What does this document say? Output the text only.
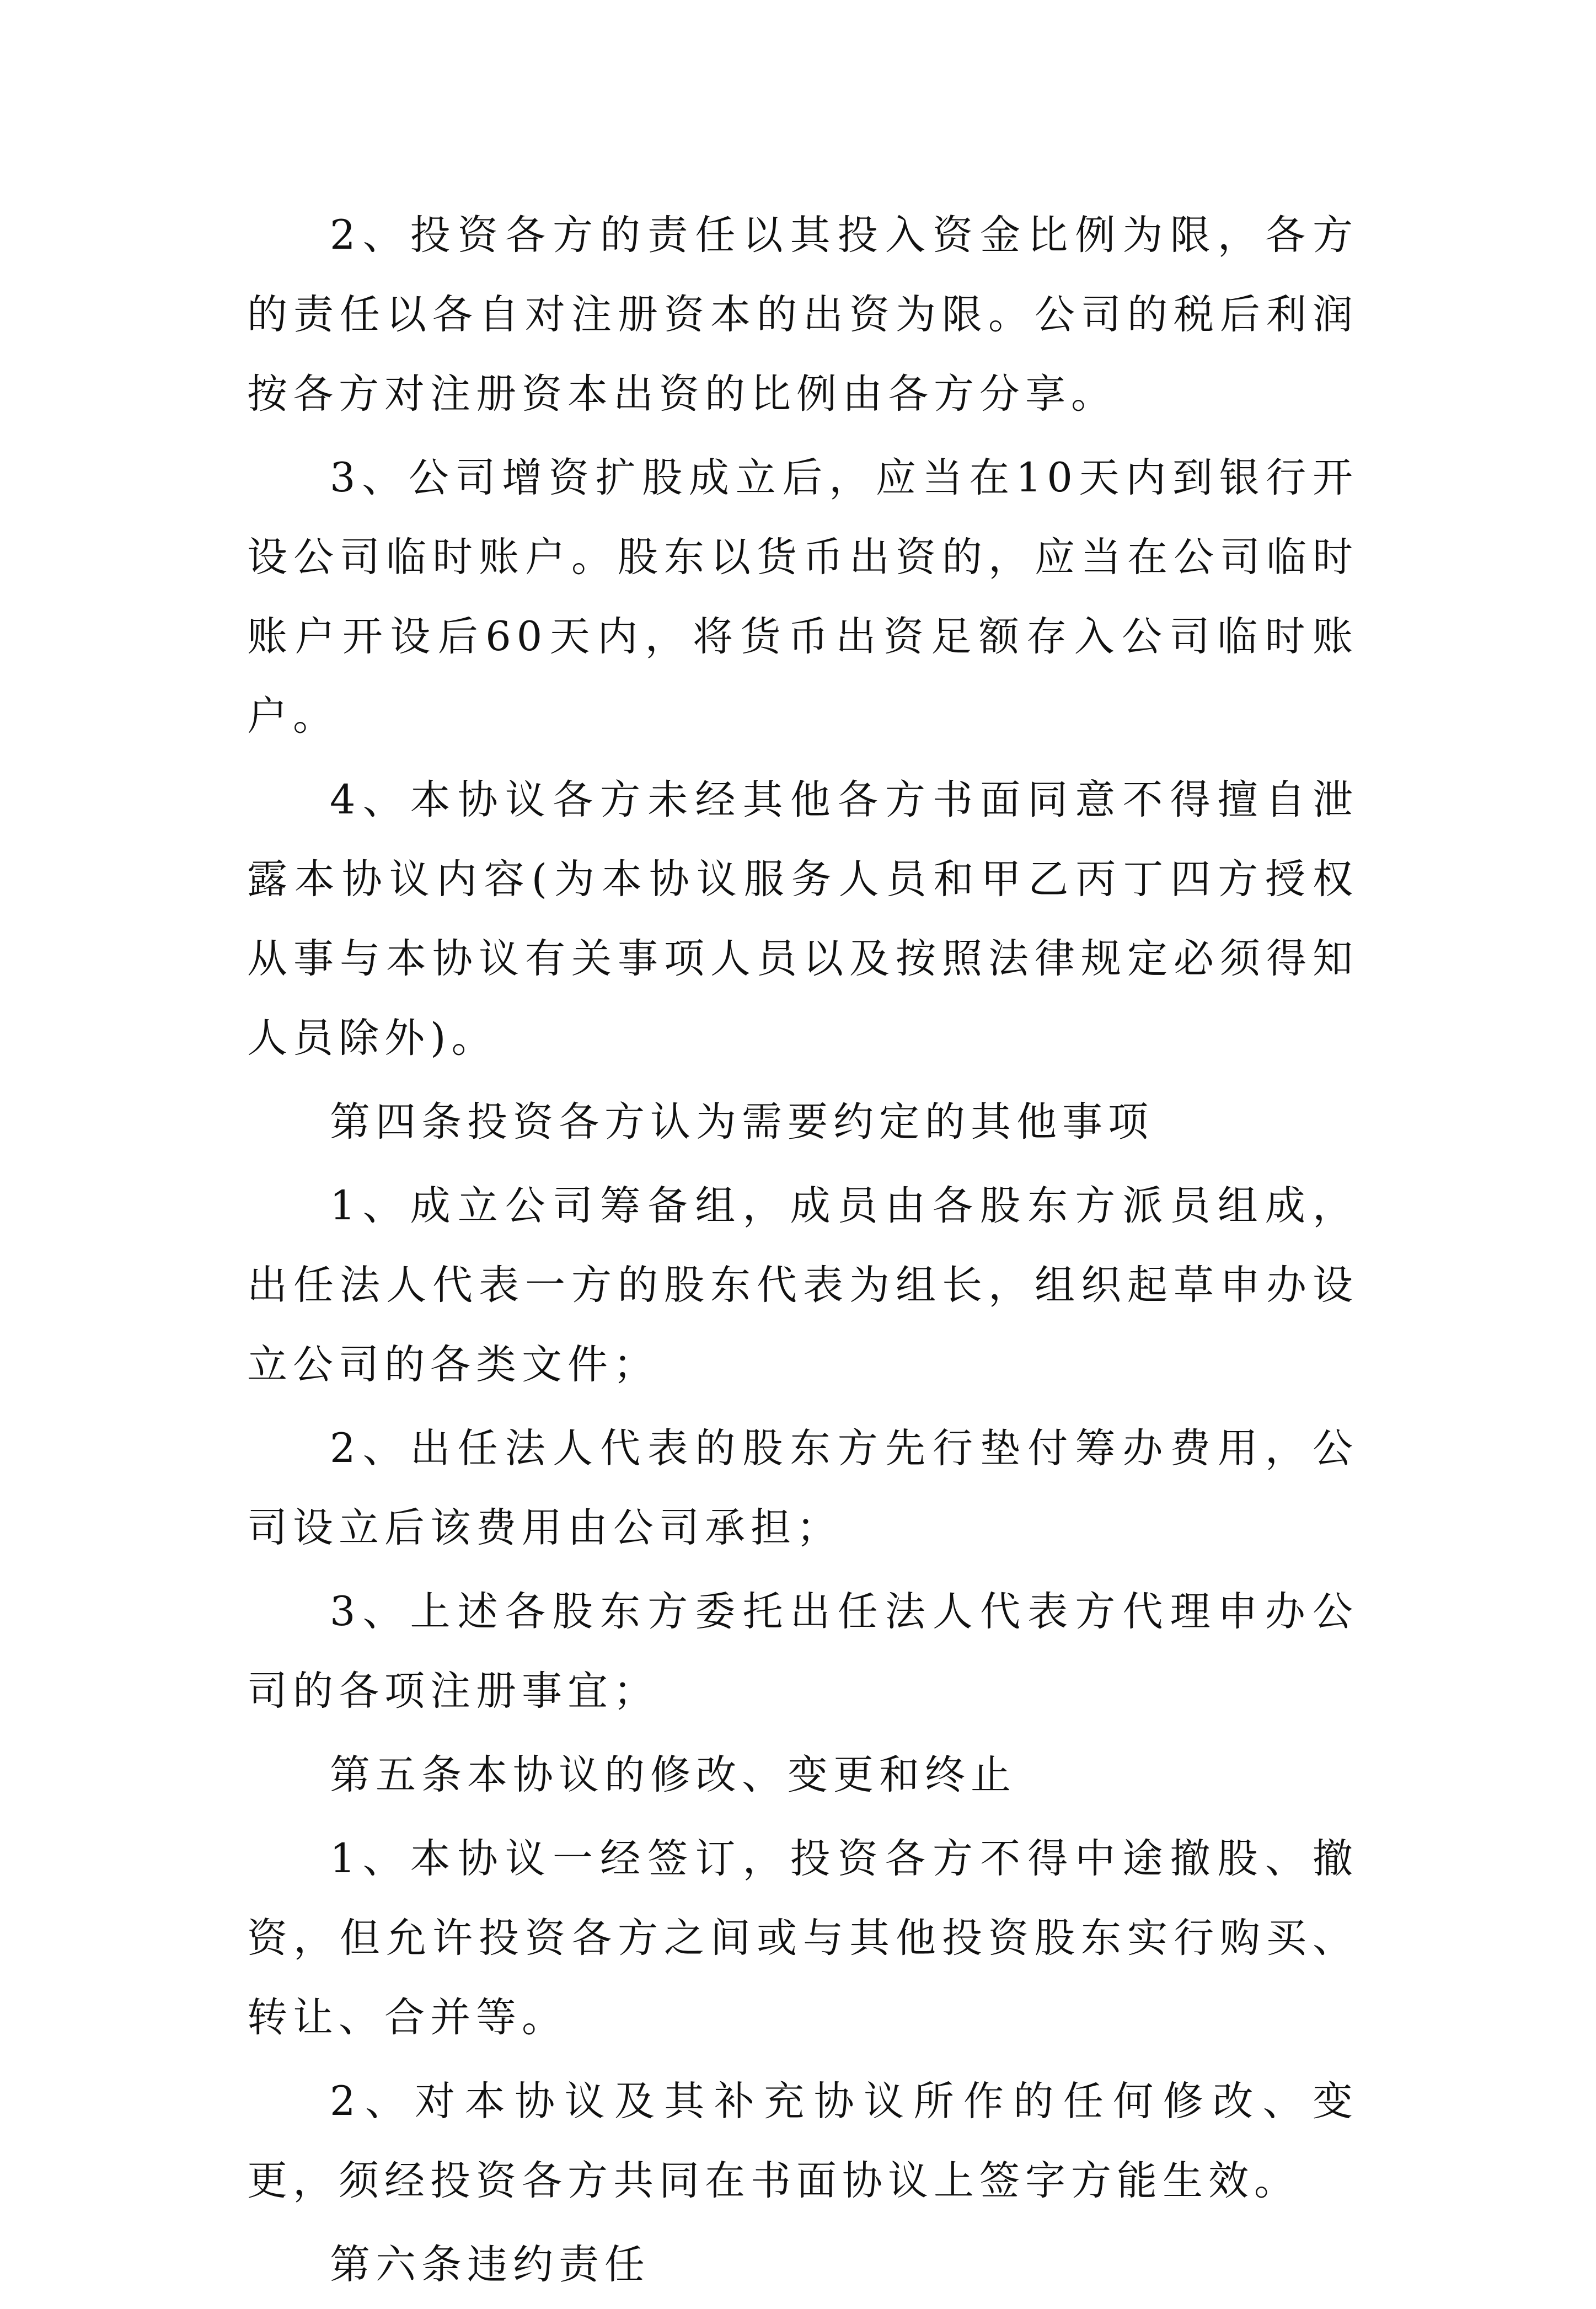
2、投资各方的责任以其投入资金比例为限，各方的责任以各自对注册资本的出资为限。公司的税后利润按各方对注册资本出资的比例由各方分享。

3、公司增资扩股成立后，应当在10天内到银行开设公司临时账户。股东以货币出资的，应当在公司临时账户开设后60天内，将货币出资足额存入公司临时账户。

4、本协议各方未经其他各方书面同意不得擅自泄露本协议内容(为本协议服务人员和甲乙丙丁四方授权从事与本协议有关事项人员以及按照法律规定必须得知人员除外)。

第四条投资各方认为需要约定的其他事项

1、成立公司筹备组，成员由各股东方派员组成，出任法人代表一方的股东代表为组长，组织起草申办设立公司的各类文件；

2、出任法人代表的股东方先行垫付筹办费用，公司设立后该费用由公司承担；

3、上述各股东方委托出任法人代表方代理申办公司的各项注册事宜；

第五条本协议的修改、变更和终止

1、本协议一经签订，投资各方不得中途撤股、撤资，但允许投资各方之间或与其他投资股东实行购买、转让、合并等。

2、对本协议及其补充协议所作的任何修改、变更，须经投资各方共同在书面协议上签字方能生效。

第六条违约责任
